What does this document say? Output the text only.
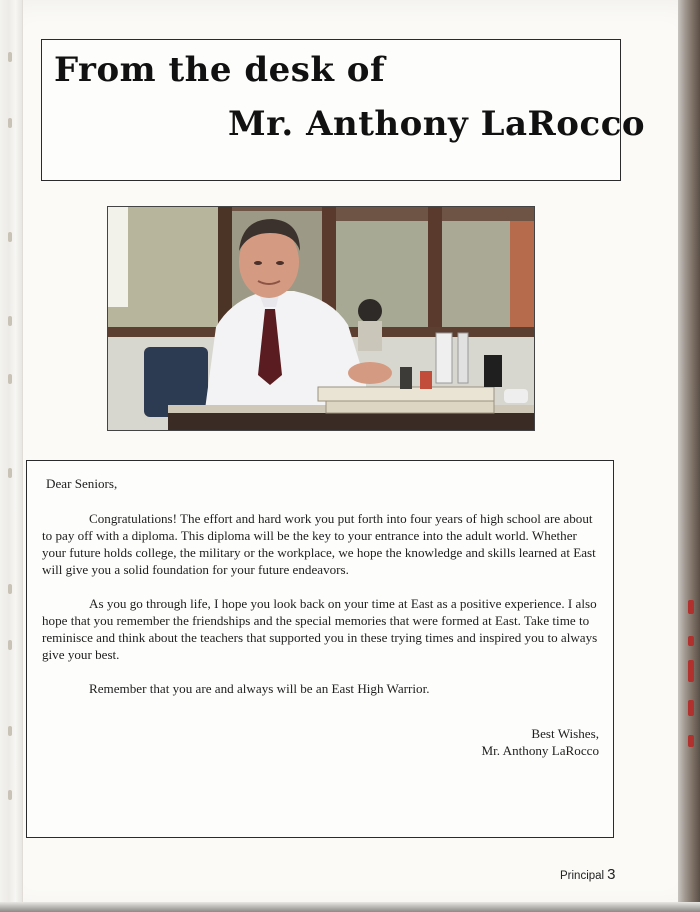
From the desk of
Mr. Anthony LaRocco
Dear Seniors,

Congratulations! The effort and hard work you put forth into four years of high school are about to pay off with a diploma. This diploma will be the key to your entrance into the adult world. Whether your future holds college, the military or the workplace, we hope the knowledge and skills learned at East will give you a solid foundation for your future endeavors.

As you go through life, I hope you look back on your time at East as a positive experience. I also hope that you remember the friendships and the special memories that were formed at East. Take time to reminisce and think about the teachers that supported you in these trying times and inspired you to always give your best.

Remember that you are and always will be an East High Warrior.

Best Wishes,
Mr. Anthony LaRocco
Principal 3
